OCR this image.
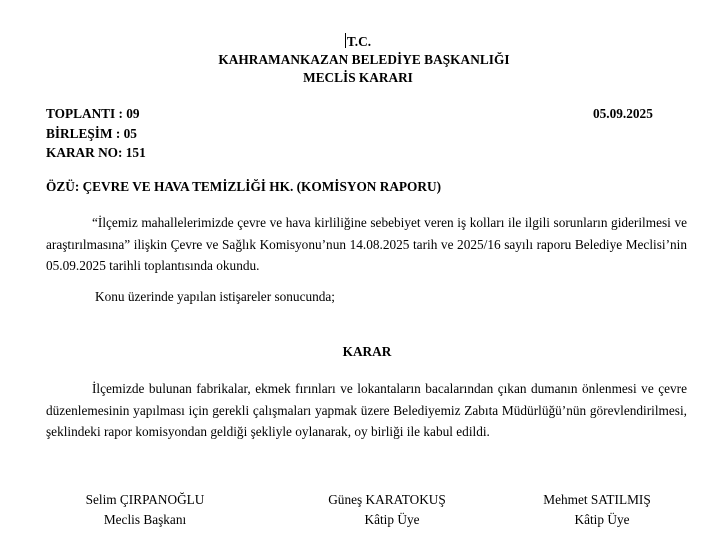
T.C.
KAHRAMANKAZAN BELEDİYE BAŞKANLIĞI
MECLİS KARARI
TOPLANTI : 09
BİRLEŞİM : 05
KARAR NO: 151
05.09.2025
ÖZÜ: ÇEVRE VE HAVA TEMİZLİĞİ HK. (KOMİSYON RAPORU)
“İlçemiz mahallelerimizde çevre ve hava kirliliğine sebebiyet veren iş kolları ile ilgili sorunların giderilmesi ve araştırılmasına” ilişkin Çevre ve Sağlık Komisyonu’nun 14.08.2025 tarih ve 2025/16 sayılı raporu Belediye Meclisi’nin 05.09.2025 tarihli toplantısında okundu.
Konu üzerinde yapılan istişareler sonucunda;
KARAR
İlçemizde bulunan fabrikalar, ekmek fırınları ve lokantaların bacalarından çıkan dumanın önlenmesi ve çevre düzenlemesinin yapılması için gerekli çalışmaları yapmak üzere Belediyemiz Zabıta Müdürlüğü’nün görevlendirilmesi, şeklindeki rapor komisyondan geldiği şekliyle oylanarak, oy birliği ile kabul edildi.
Selim ÇIRPANOĞLU
Meclis Başkanı
Güneş KARATOKUŞ
Kâtip Üye
Mehmet SATILMIŞ
Kâtip Üye
